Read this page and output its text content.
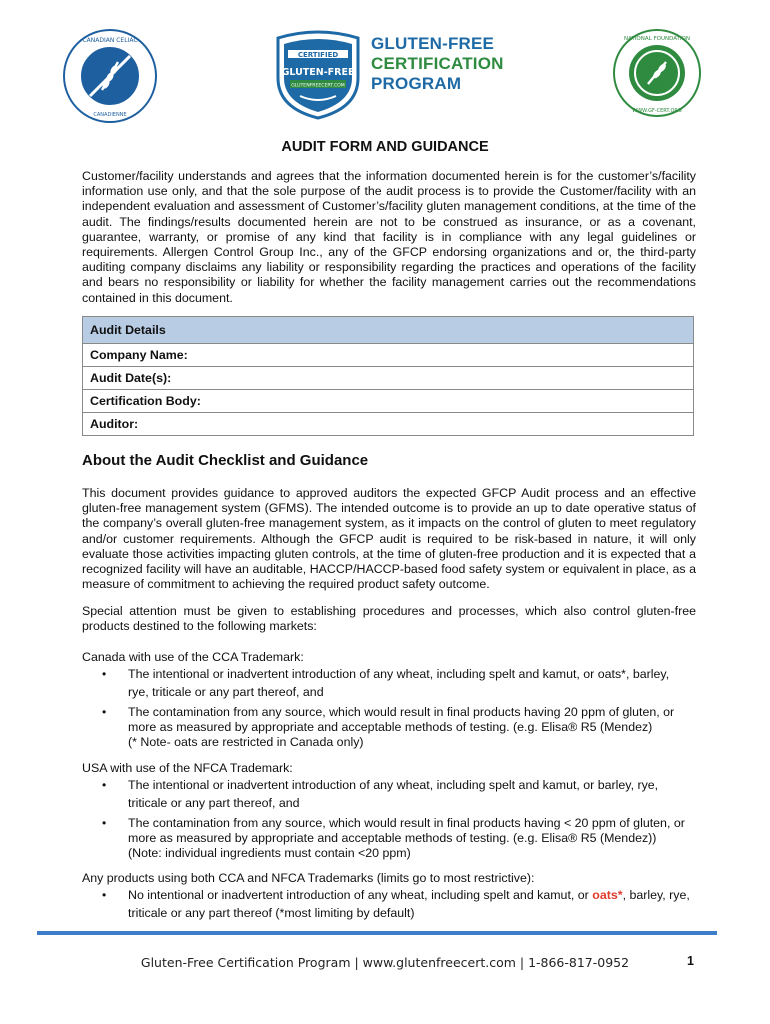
CANADIAN CELIAC
CANADIENNE
CERTIFIED
GLUTEN-FREE
GLUTENFREECERT.COM
GLUTEN-FREE
CERTIFICATION
PROGRAM
NATIONAL FOUNDATION
WWW.GF-CERT.ORG
AUDIT FORM AND GUIDANCE
Customer/facility understands and agrees that the information documented herein is for the customer’s/facility information use only, and that the sole purpose of the audit process is to provide the Customer/facility with an independent evaluation and assessment of Customer’s/facility gluten management conditions, at the time of the audit. The findings/results documented herein are not to be construed as insurance, or as a covenant, guarantee, warranty, or promise of any kind that facility is in compliance with any legal guidelines or requirements. Allergen Control Group Inc., any of the GFCP endorsing organizations and or, the third-party auditing company disclaims any liability or responsibility regarding the practices and operations of the facility and bears no responsibility or liability for whether the facility management carries out the recommendations contained in this document.
Audit Details
Company Name:
Audit Date(s):
Certification Body:
Auditor:
About the Audit Checklist and Guidance
This document provides guidance to approved auditors the expected GFCP Audit process and an effective gluten-free management system (GFMS). The intended outcome is to provide an up to date operative status of the company’s overall gluten-free management system, as it impacts on the control of gluten to meet regulatory and/or customer requirements. Although the GFCP audit is required to be risk-based in nature, it will only evaluate those activities impacting gluten controls, at the time of gluten-free production and it is expected that a recognized facility will have an auditable, HACCP/HACCP-based food safety system or equivalent in place, as a measure of commitment to achieving the required product safety outcome.
Special attention must be given to establishing procedures and processes, which also control gluten-free products destined to the following markets:

Canada with use of the CCA Trademark:

• The intentional or inadvertent introduction of any wheat, including spelt and kamut, or oats*, barley,
rye, triticale or any part thereof, and
• The contamination from any source, which would result in final products having 20 ppm of gluten, or
more as measured by appropriate and acceptable methods of testing. (e.g. Elisa® R5 (Mendez)
(* Note- oats are restricted in Canada only)

USA with use of the NFCA Trademark:

• The intentional or inadvertent introduction of any wheat, including spelt and kamut, or barley, rye,
triticale or any part thereof, and
• The contamination from any source, which would result in final products having < 20 ppm of gluten, or
more as measured by appropriate and acceptable methods of testing. (e.g. Elisa® R5 (Mendez))
(Note: individual ingredients must contain <20 ppm)

Any products using both CCA and NFCA Trademarks (limits go to most restrictive):

• No intentional or inadvertent introduction of any wheat, including spelt and kamut, or oats*, barley, rye,
triticale or any part thereof (*most limiting by default)
Gluten-Free Certification Program | www.glutenfreecert.com | 1-866-817-0952	1
